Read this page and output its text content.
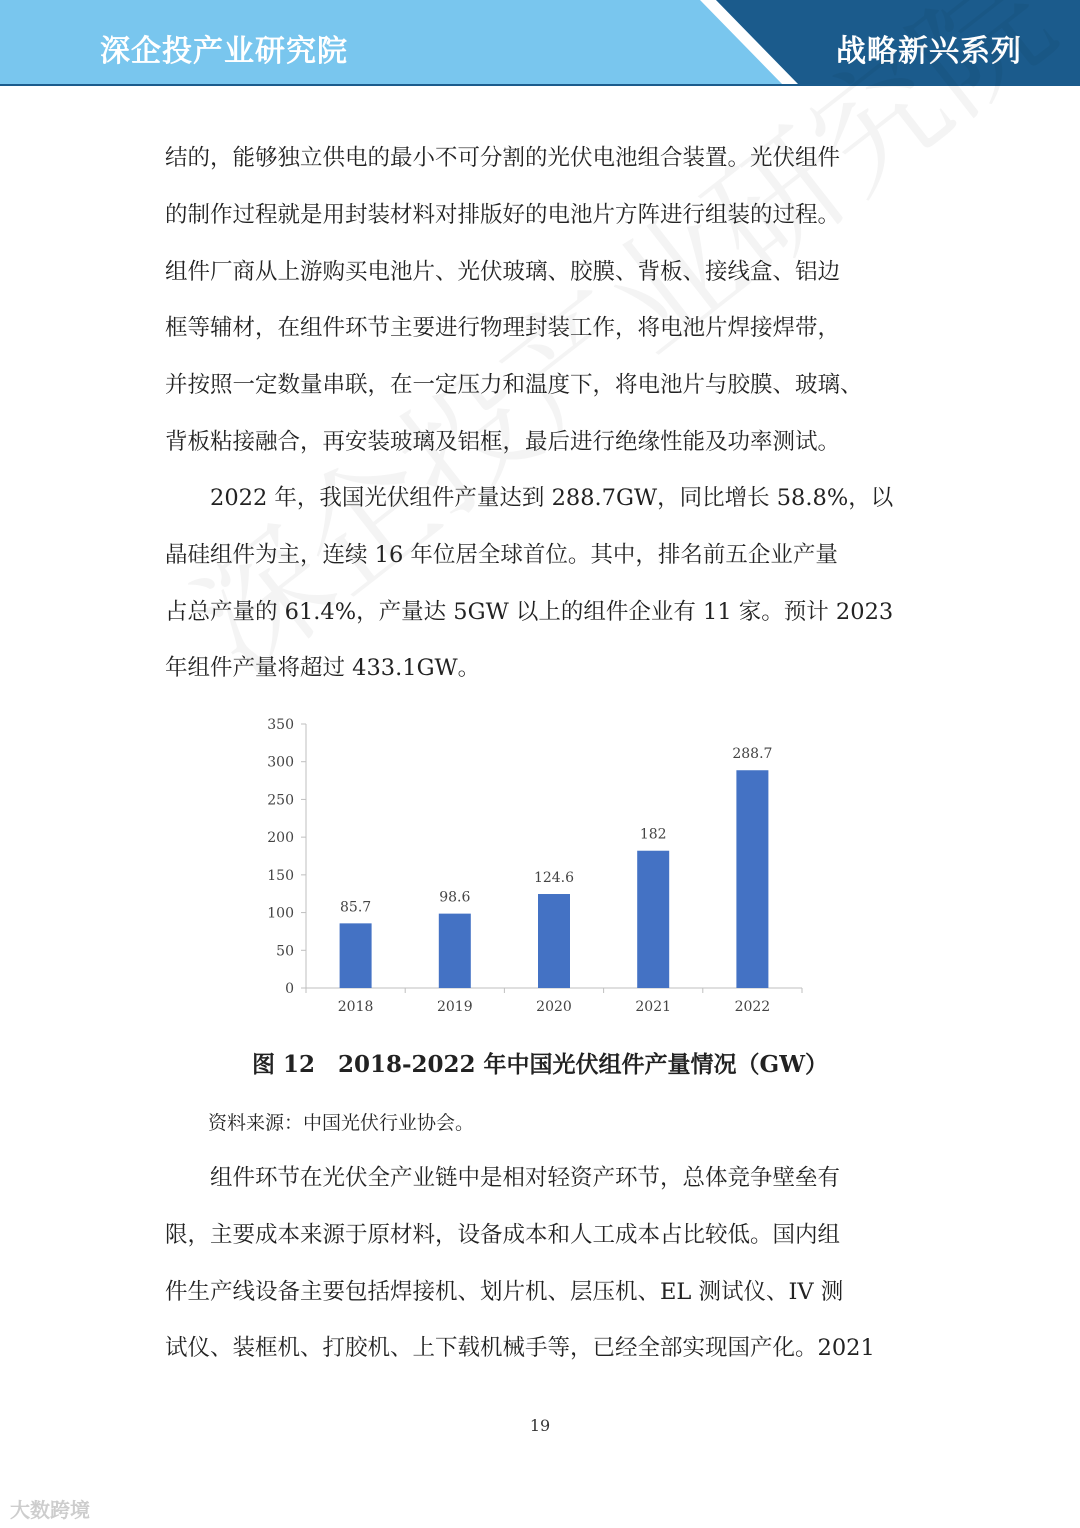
深企投产业研究院	战略新兴系列
结的，能够独立供电的最小不可分割的光伏电池组合装置。光伏组件
的制作过程就是用封装材料对排版好的电池片方阵进行组装的过程。
组件厂商从上游购买电池片、光伏玻璃、胶膜、背板、接线盒、铝边
框等辅材，在组件环节主要进行物理封装工作，将电池片焊接焊带，
并按照一定数量串联，在一定压力和温度下，将电池片与胶膜、玻璃、
背板粘接融合，再安装玻璃及铝框，最后进行绝缘性能及功率测试。
　　2022 年，我国光伏组件产量达到 288.7GW，同比增长 58.8%，以
晶硅组件为主，连续 16 年位居全球首位。其中，排名前五企业产量
占总产量的 61.4%，产量达 5GW 以上的组件企业有 11 家。预计 2023
年组件产量将超过 433.1GW。
0
50
100
150
200
250
300
350
85.7
2018
98.6
2019
124.6
2020
182
2021
288.7
2022
图 12　2018-2022 年中国光伏组件产量情况（GW）
资料来源：中国光伏行业协会。
　　组件环节在光伏全产业链中是相对轻资产环节，总体竞争壁垒有
限，主要成本来源于原材料，设备成本和人工成本占比较低。国内组
件生产线设备主要包括焊接机、划片机、层压机、EL 测试仪、IV 测
试仪、装框机、打胶机、上下载机械手等，已经全部实现国产化。2021
19
大数跨境
